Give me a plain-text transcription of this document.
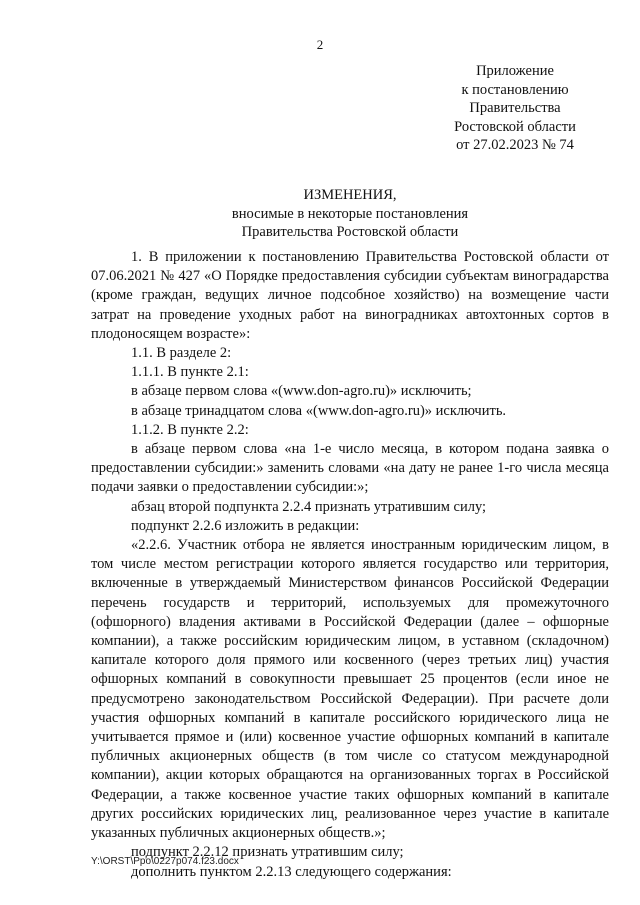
2
Приложение
к постановлению
Правительства
Ростовской области
от 27.02.2023 № 74
ИЗМЕНЕНИЯ,
вносимые в некоторые постановления
Правительства Ростовской области

1. В приложении к постановлению Правительства Ростовской области от 07.06.2021 № 427 «О Порядке предоставления субсидии субъектам виноградарства (кроме граждан, ведущих личное подсобное хозяйство) на возмещение части затрат на проведение уходных работ на виноградниках автохтонных сортов в плодоносящем возрасте»:

1.1. В разделе 2:

1.1.1. В пункте 2.1:

в абзаце первом слова «(www.don-agro.ru)» исключить;

в абзаце тринадцатом слова «(www.don-agro.ru)» исключить.

1.1.2. В пункте 2.2:

в абзаце первом слова «на 1-е число месяца, в котором подана заявка о предоставлении субсидии:» заменить словами «на дату не ранее 1-го числа месяца подачи заявки о предоставлении субсидии:»;

абзац второй подпункта 2.2.4 признать утратившим силу;

подпункт 2.2.6 изложить в редакции:

«2.2.6. Участник отбора не является иностранным юридическим лицом, в том числе местом регистрации которого является государство или территория, включенные в утверждаемый Министерством финансов Российской Федерации перечень государств и территорий, используемых для промежуточного (офшорного) владения активами в Российской Федерации (далее – офшорные компании), а также российским юридическим лицом, в уставном (складочном) капитале которого доля прямого или косвенного (через третьих лиц) участия офшорных компаний в совокупности превышает 25 процентов (если иное не предусмотрено законодательством Российской Федерации). При расчете доли участия офшорных компаний в капитале российского юридического лица не учитывается прямое и (или) косвенное участие офшорных компаний в капитале публичных акционерных обществ (в том числе со статусом международной компании), акции которых обращаются на организованных торгах в Российской Федерации, а также косвенное участие таких офшорных компаний в капитале других российских юридических лиц, реализованное через участие в капитале указанных публичных акционерных обществ.»;

подпункт 2.2.12 признать утратившим силу;

дополнить пунктом 2.2.13 следующего содержания:

Y:\ORST\Ppo\0227p074.f23.docx
